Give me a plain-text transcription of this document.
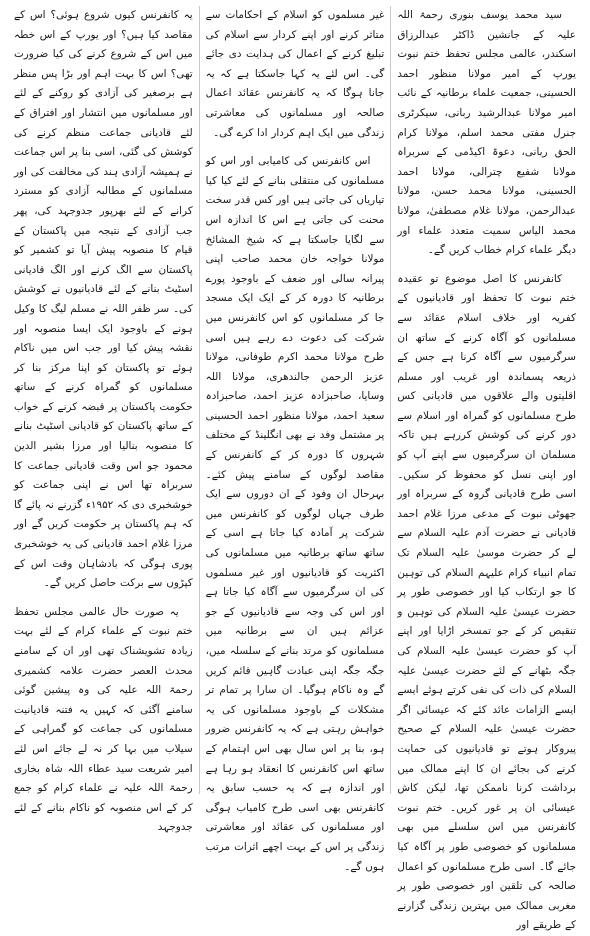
سید محمد یوسف بنوری رحمۃ اللہ علیہ کے جانشین ڈاکٹر عبدالرزاق اسکندر، عالمی مجلس تحفظ ختم نبوت یورپ کے امیر مولانا منظور احمد الحسینی، جمعیت علماء برطانیہ کے نائب امیر مولانا عبدالرشید ربانی، سیکرٹری جنرل مفتی محمد اسلم، مولانا کرام الحق ربانی، دعوۃ اکیڈمی کے سربراہ مولانا شفیع چترالی، مولانا احمد الحسینی، مولانا محمد حسن، مولانا عبدالرحمن، مولانا غلام مصطفیٰ، مولانا محمد الیاس سمیت متعدد علماء اور دیگر علماء کرام خطاب کریں گے۔

کانفرنس کا اصل موضوع تو عقیدہ ختم نبوت کا تحفظ اور قادیانیوں کے کفریہ اور خلاف اسلام عقائد سے مسلمانوں کو آگاہ کرنے کے ساتھ ان سرگرمیوں سے آگاہ کرنا ہے جس کے ذریعہ پسماندہ اور غریب اور مسلم اقلیتوں والے علاقوں میں قادیانی کس طرح مسلمانوں کو گمراہ اور اسلام سے دور کرنے کی کوشش کررہے ہیں تاکہ مسلمان ان سرگرمیوں سے اپنے آپ کو اور اپنی نسل کو محفوظ کر سکیں۔ اسی طرح قادیانی گروہ کے سربراہ اور جھوٹی نبوت کے مدعی مرزا غلام احمد قادیانی نے حضرت آدم علیہ السلام سے لے کر حضرت موسیٰ علیہ السلام تک تمام انبیاء کرام علیہم السلام کی توہین کا جو ارتکاب کیا اور خصوصی طور پر حضرت عیسیٰ علیہ السلام کی توہین و تنقیص کر کے جو تمسخر اڑایا اور اپنے آپ کو حضرت عیسیٰ علیہ السلام کی جگہ بٹھانے کے لئے حضرت عیسیٰ علیہ السلام کی ذات کی نفی کرتے ہوئے ایسے ایسے الزامات عائد کئے کہ عیسائی اگر حضرت عیسیٰ علیہ السلام کے صحیح پیروکار ہوتے تو قادیانیوں کی حمایت کرنے کی بجائے ان کا اپنے ممالک میں برداشت کرنا ناممکن تھا، لیکن کاش عیسائی ان پر غور کریں۔ ختم نبوت کانفرنس میں اس سلسلے میں بھی مسلمانوں کو خصوصی طور پر آگاہ کیا جائے گا۔ اسی طرح مسلمانوں کو اعمال صالحہ کی تلقین اور خصوصی طور پر مغربی ممالک میں بہترین زندگی گزارنے کے طریقے اور

غیر مسلموں کو اسلام کے احکامات سے متاثر کرنے اور اپنے کردار سے اسلام کی تبلیغ کرنے کے اعمال کی ہدایت دی جائے گی۔ اس لئے یہ کہا جاسکتا ہے کہ یہ جانا ہوگا کہ یہ کانفرنس عقائد اعمال صالحہ اور مسلمانوں کی معاشرتی زندگی میں ایک اہم کردار ادا کرے گی۔

اس کانفرنس کی کامیابی اور اس کو مسلمانوں کی منتقلی بنانے کے لئے کیا کیا تیاریاں کی جاتی ہیں اور کس قدر سخت محنت کی جاتی ہے اس کا اندازہ اس سے لگایا جاسکتا ہے کہ شیخ المشائخ مولانا خواجہ خان محمد صاحب اپنی پیرانہ سالی اور ضعف کے باوجود پورے برطانیہ کا دورہ کر کے ایک ایک مسجد جا کر مسلمانوں کو اس کانفرنس میں شرکت کی دعوت دے رہے ہیں اسی طرح مولانا محمد اکرم طوفانی، مولانا عزیز الرحمن جالندھری، مولانا اللہ وسایا، صاحبزادہ عزیز احمد، صاحبزادہ سعید احمد، مولانا منظور احمد الحسینی پر مشتمل وفد نے بھی انگلینڈ کے مختلف شہروں کا دورہ کر کے کانفرنس کے مقاصد لوگوں کے سامنے پیش کئے۔ بہرحال ان وفود کے ان دوروں سے ایک طرف جہاں لوگوں کو کانفرنس میں شرکت پر آمادہ کیا جاتا ہے اسی کے ساتھ ساتھ برطانیہ میں مسلمانوں کی اکثریت کو قادیانیوں اور غیر مسلموں کی ان سرگرمیوں سے آگاہ کیا جاتا ہے اور اس کی وجہ سے قادیانیوں کے جو عزائم ہیں ان سے برطانیہ میں مسلمانوں کو مرتد بنانے کے سلسلہ میں، جگہ جگہ اپنی عبادت گاہیں قائم کریں گے وہ ناکام ہوگیا۔ ان سارا پر تمام تر مشکلات کے باوجود مسلمانوں کی یہ خواہش رہتی ہے کہ یہ کانفرنس ضرور ہو، بنا پر اس سال بھی اس اہتمام کے ساتھ اس کانفرنس کا انعقاد ہو رہا ہے اور اندازہ ہے کہ یہ حسب سابق یہ کانفرنس بھی اسی طرح کامیاب ہوگی اور مسلمانوں کی عقائد اور معاشرتی زندگی پر اس کے بہت اچھے اثرات مرتب ہوں گے۔

یہ کانفرنس کیوں شروع ہوئی؟ اس کے مقاصد کیا ہیں؟ اور یورپ کے اس خطہ میں اس کے شروع کرنے کی کیا ضرورت تھی؟ اس کا بہت اہم اور بڑا پس منظر ہے برصغیر کی آزادی کو روکنے کے لئے اور مسلمانوں میں انتشار اور افتراق کے لئے قادیانی جماعت منظم کرنے کی کوشش کی گئی، اسی بنا پر اس جماعت نے ہمیشہ آزادی ہند کی مخالفت کی اور مسلمانوں کے مطالبہ آزادی کو مسترد کرانے کے لئے بھرپور جدوجہد کی، پھر جب آزادی کے نتیجہ میں پاکستان کے قیام کا منصوبہ پیش آیا تو کشمیر کو پاکستان سے الگ کرنے اور الگ قادیانی اسٹیٹ بنانے کے لئے قادیانیوں نے کوشش کی۔ سر ظفر اللہ نے مسلم لیگ کا وکیل ہونے کے باوجود ایک ایسا منصوبہ اور نقشہ پیش کیا اور جب اس میں ناکام ہوئے تو پاکستان کو اپنا مرکز بنا کر مسلمانوں کو گمراہ کرنے کے ساتھ حکومت پاکستان پر قبضہ کرنے کے خواب کے ساتھ پاکستان کو قادیانی اسٹیٹ بنانے کا منصوبہ بنالیا اور مرزا بشیر الدین محمود جو اس وقت قادیانی جماعت کا سربراہ تھا اس نے اپنی جماعت کو خوشخبری دی کہ ۱۹۵۲ء گزرنے نہ پائے گا کہ ہم پاکستان پر حکومت کریں گے اور مرزا غلام احمد قادیانی کی یہ خوشخبری پوری ہوگی کہ بادشاہان وقت اس کے کپڑوں سے برکت حاصل کریں گے۔

یہ صورت حال عالمی مجلس تحفظ ختم نبوت کے علماء کرام کے لئے بہت زیادہ تشویشناک تھی اور ان کے سامنے محدث العصر حضرت علامہ کشمیری رحمۃ اللہ علیہ کی وہ پیشین گوئی سامنے آگئی کہ کہیں یہ فتنہ قادیانیت مسلمانوں کی جماعت کو گمراہی کے سیلاب میں بہا کر نہ لے جائے اس لئے امیر شریعت سید عطاء اللہ شاہ بخاری رحمۃ اللہ علیہ نے علماء کرام کو جمع کر کے اس منصوبہ کو ناکام بنانے کے لئے جدوجہد
